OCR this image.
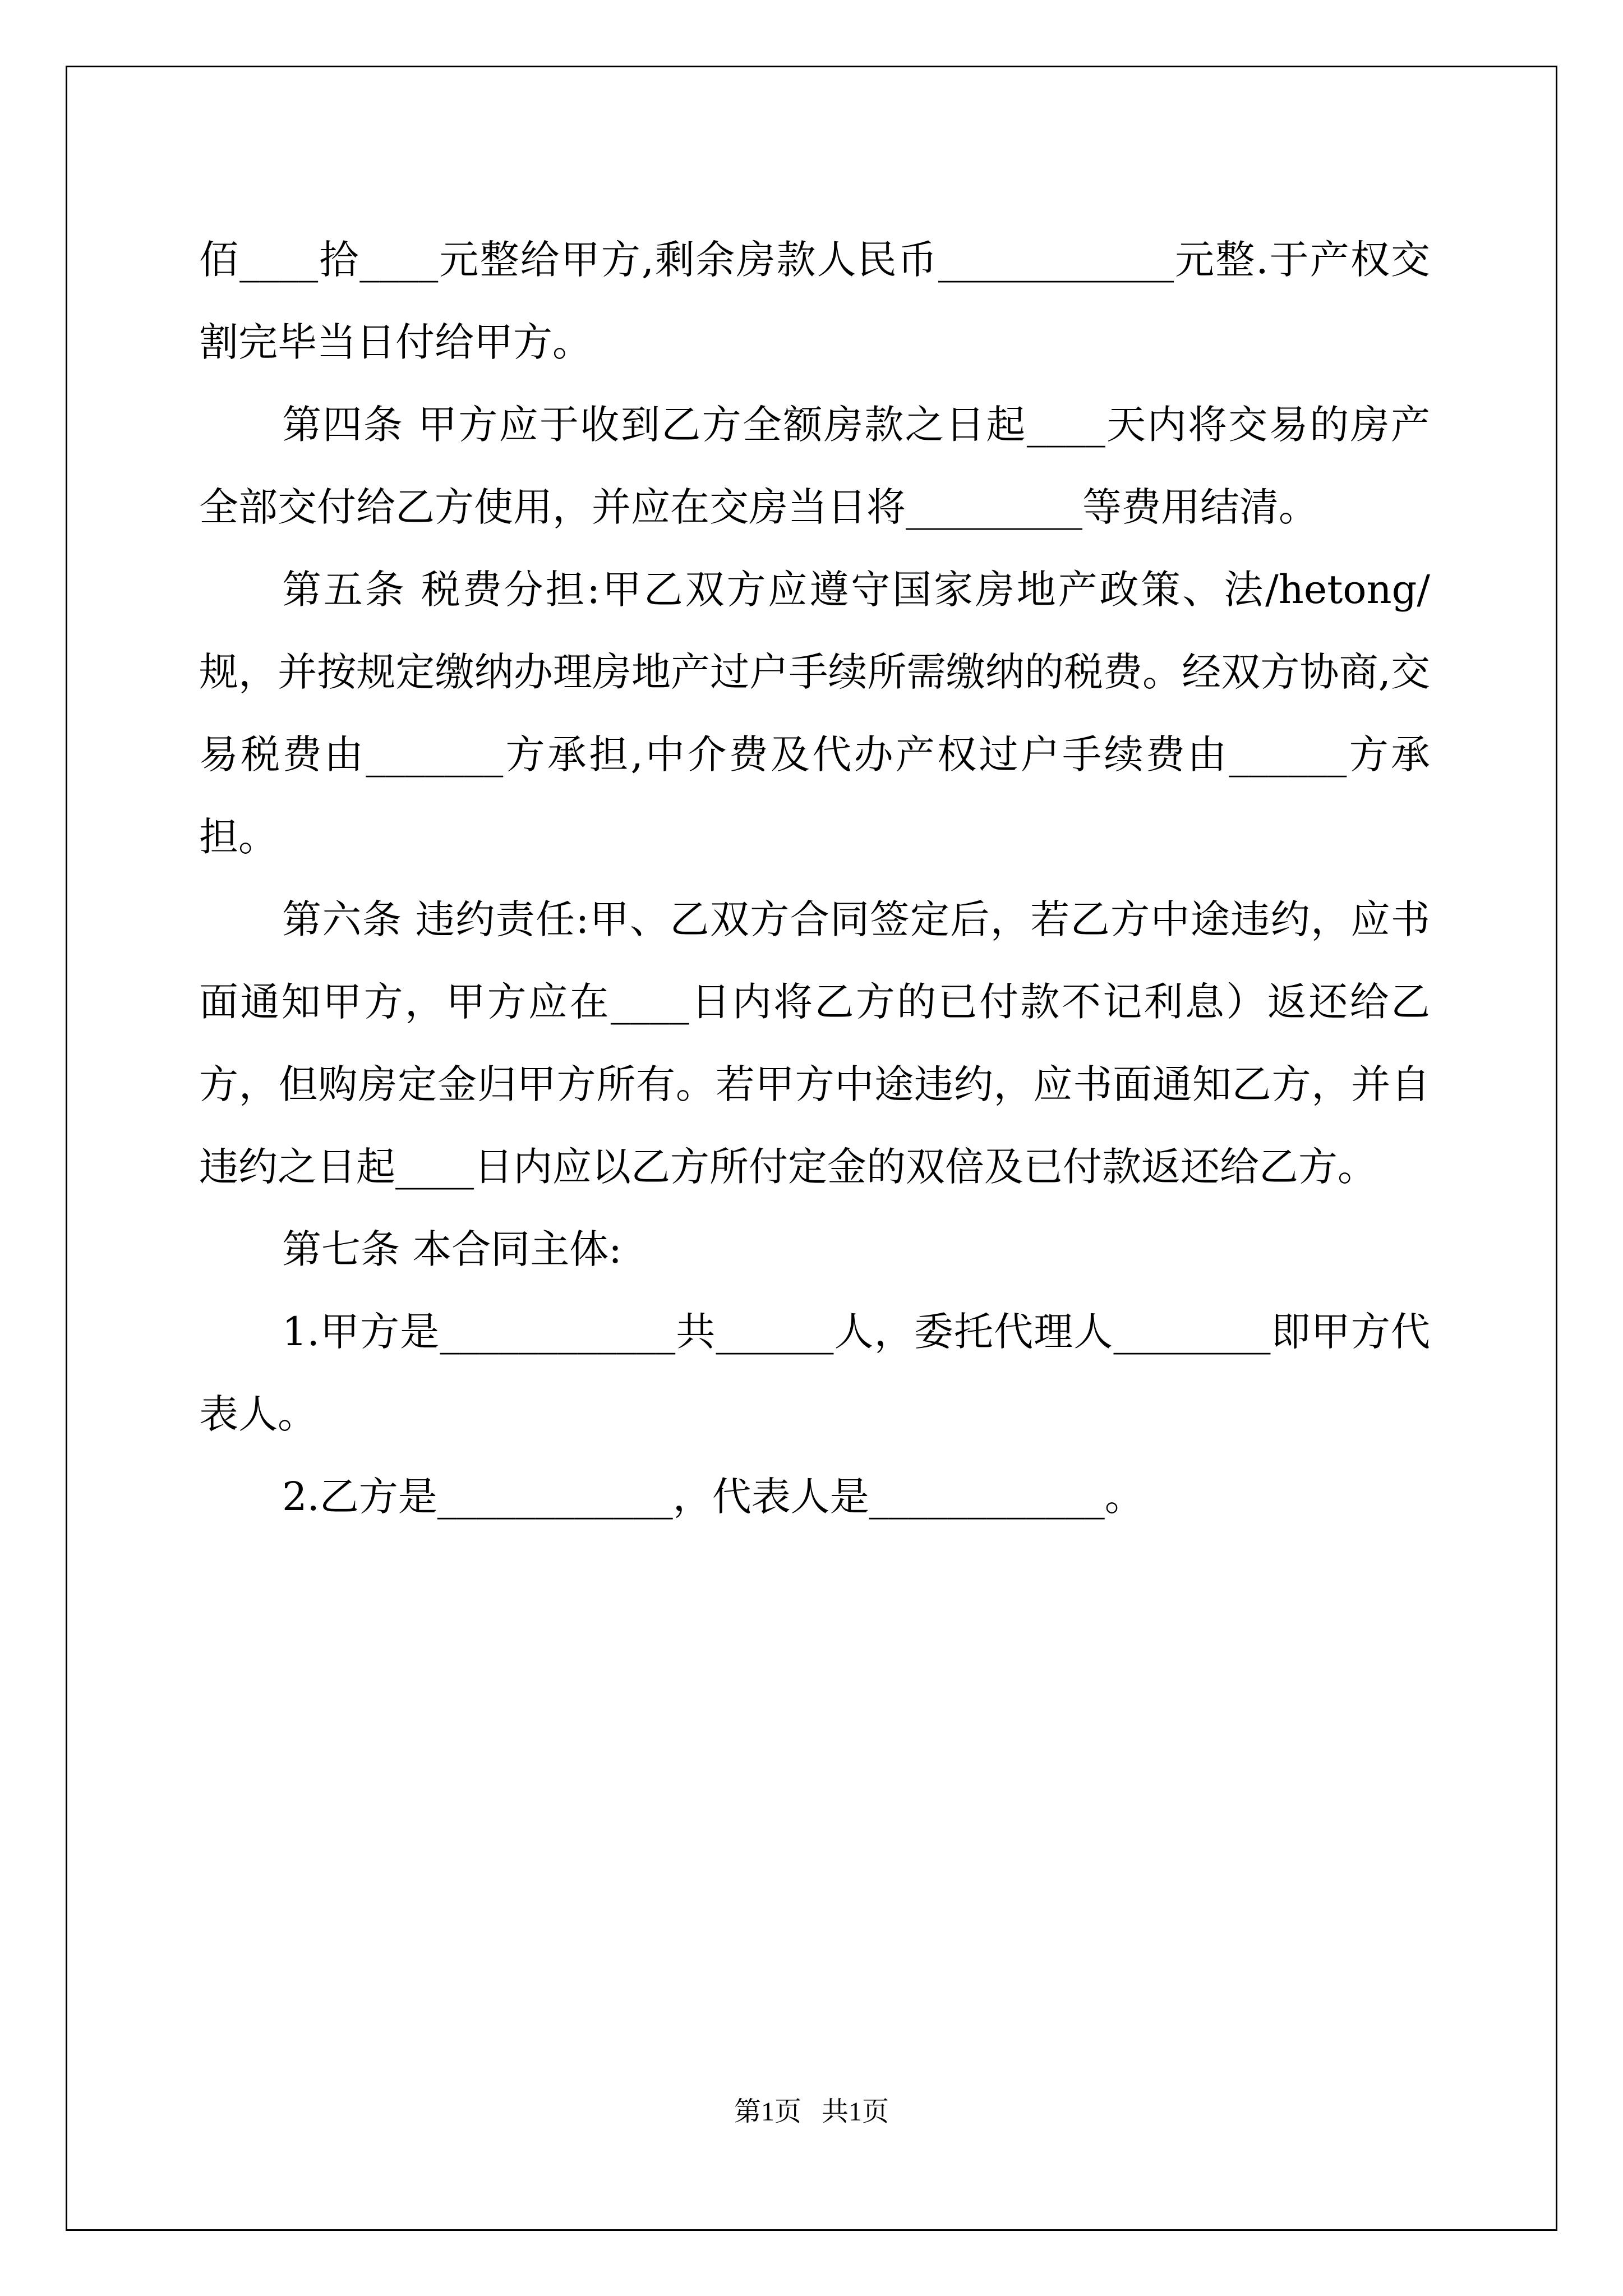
佰____拾____元整给甲方,剩余房款人民币____________元整.于产权交割完毕当日付给甲方。

第四条 甲方应于收到乙方全额房款之日起____天内将交易的房产全部交付给乙方使用，并应在交房当日将_________等费用结清。

第五条 税费分担:甲乙双方应遵守国家房地产政策、法/hetong/规，并按规定缴纳办理房地产过户手续所需缴纳的税费。经双方协商,交易税费由_______方承担,中介费及代办产权过户手续费由______方承担。

第六条 违约责任:甲、乙双方合同签定后，若乙方中途违约，应书面通知甲方，甲方应在____日内将乙方的已付款不记利息）返还给乙方，但购房定金归甲方所有。若甲方中途违约，应书面通知乙方，并自违约之日起____日内应以乙方所付定金的双倍及已付款返还给乙方。

第七条 本合同主体:

1.甲方是____________共______人，委托代理人________即甲方代表人。

2.乙方是____________，代表人是____________。

第1页   共1页
